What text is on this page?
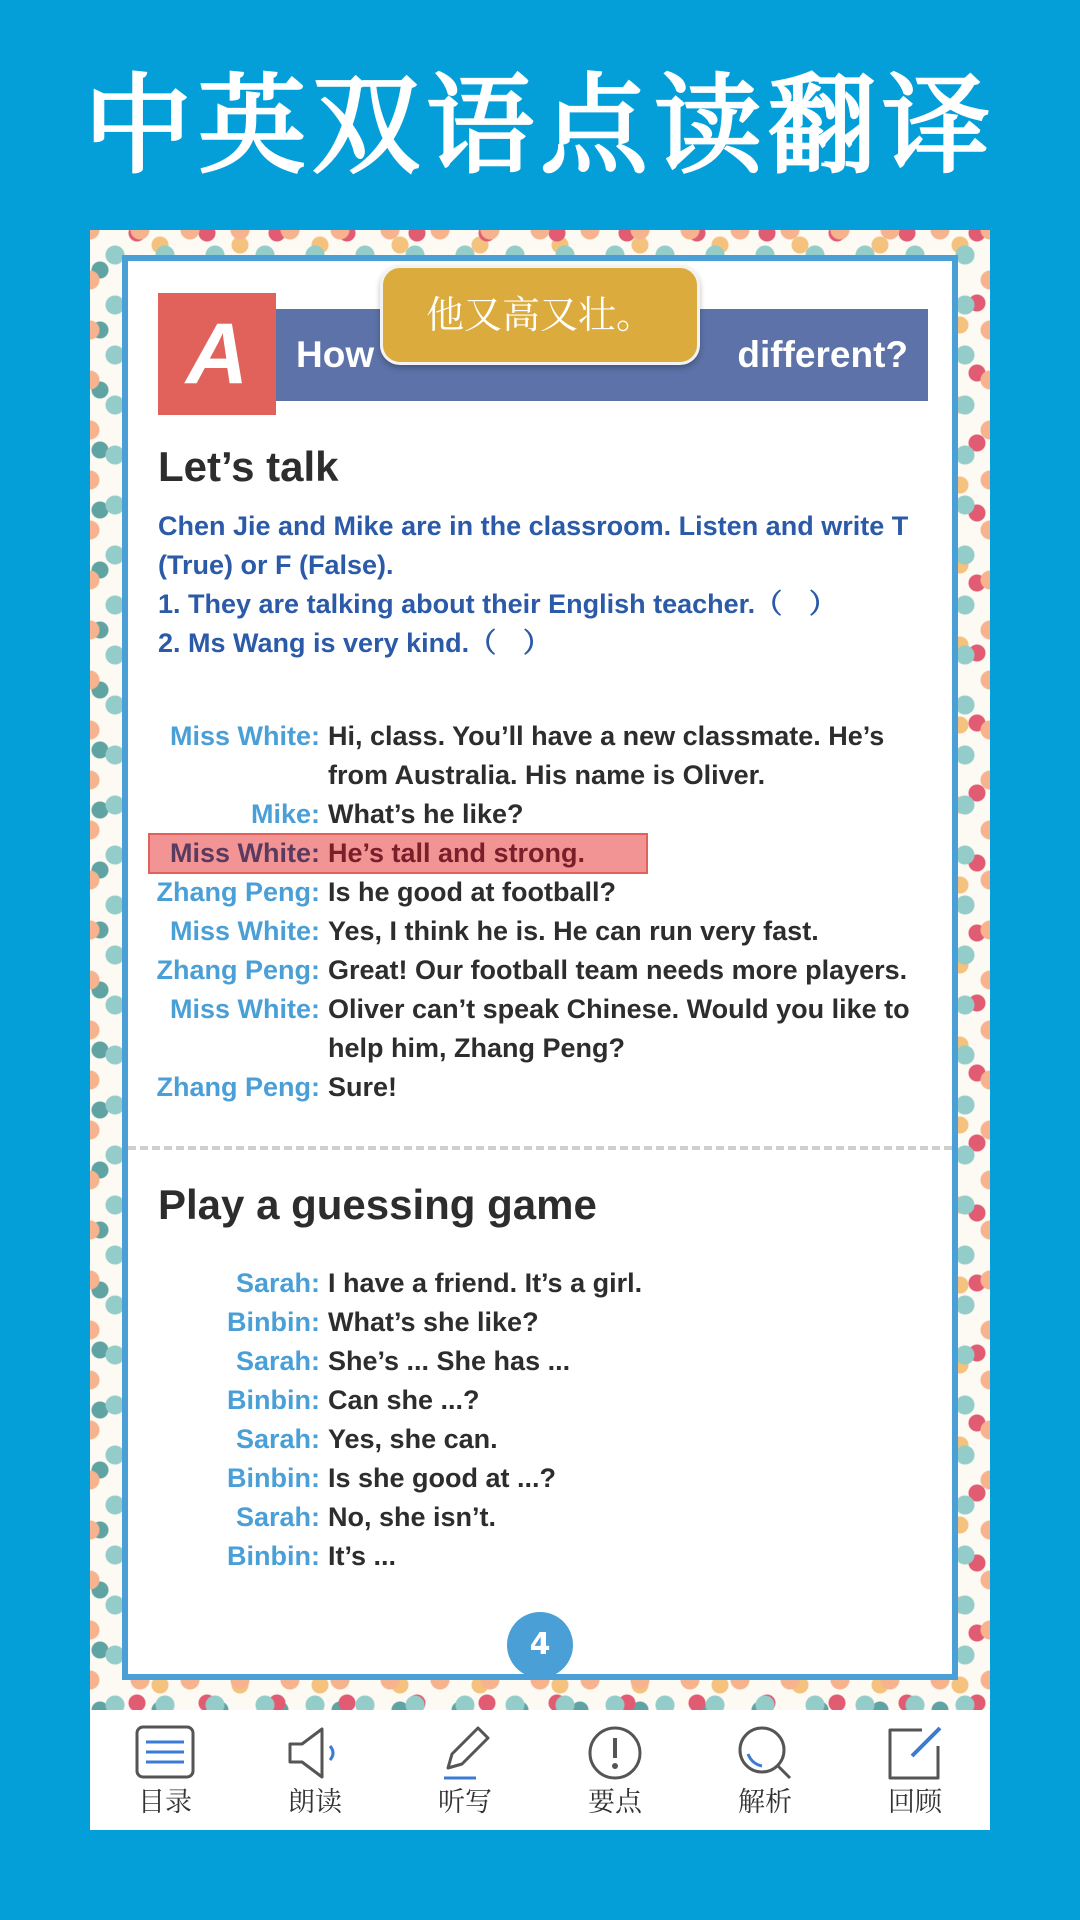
中英双语点读翻译
A	How	different?
Let’s talk
Chen Jie and Mike are in the classroom. Listen and write T (True) or F (False).
1. They are talking about their English teacher.（　）
2. Ms Wang is very kind.（　）
Miss White: Hi, class. You’ll have a new classmate. He’s from Australia. His name is Oliver.
Mike: What’s he like?
Miss White: He’s tall and strong.
Zhang Peng: Is he good at football?
Miss White: Yes, I think he is. He can run very fast.
Zhang Peng: Great! Our football team needs more players.
Miss White: Oliver can’t speak Chinese. Would you like to help him, Zhang Peng?
Zhang Peng: Sure!
Play a guessing game
Sarah: I have a friend. It’s a girl.
Binbin: What’s she like?
Sarah: She’s ... She has ...
Binbin: Can she ...?
Sarah: Yes, she can.
Binbin: Is she good at ...?
Sarah: No, she isn’t.
Binbin: It’s ...
他又高又壮。
4
目录	朗读	听写	要点	解析	回顾
